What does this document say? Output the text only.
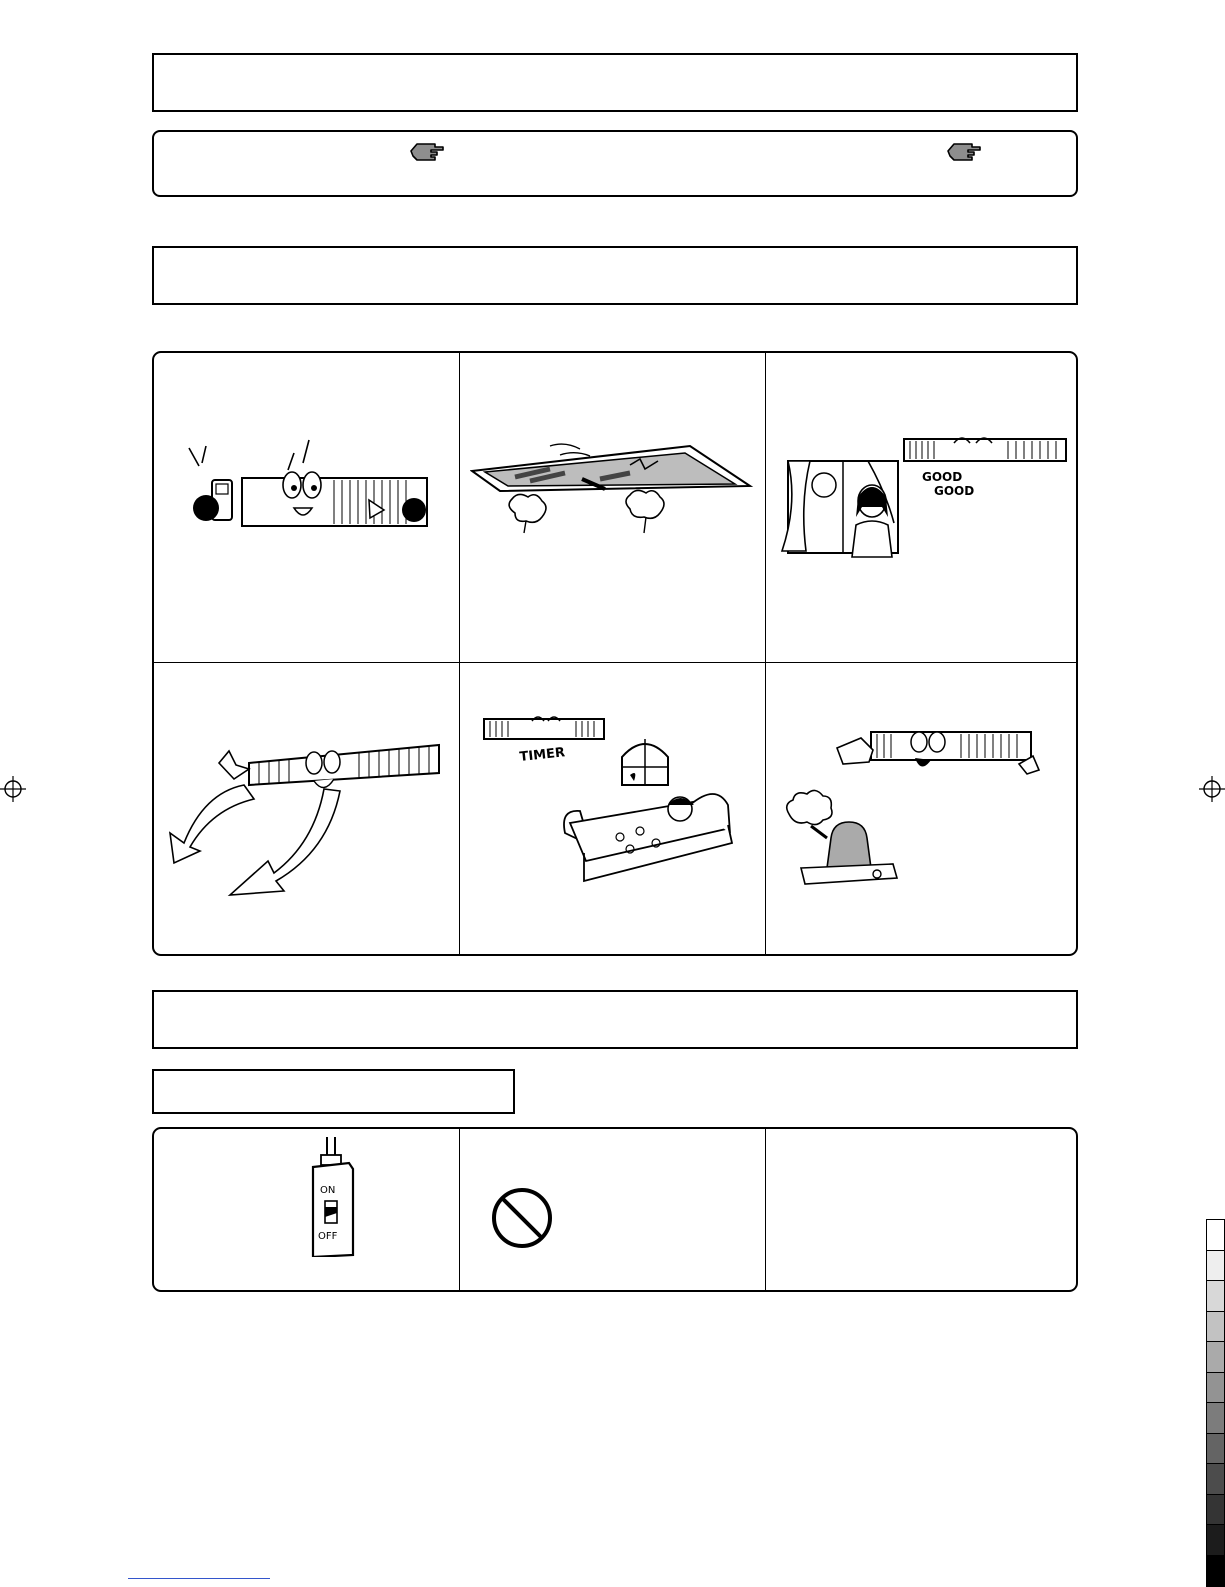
GOOD
GOOD
TIMER
ON
OFF
